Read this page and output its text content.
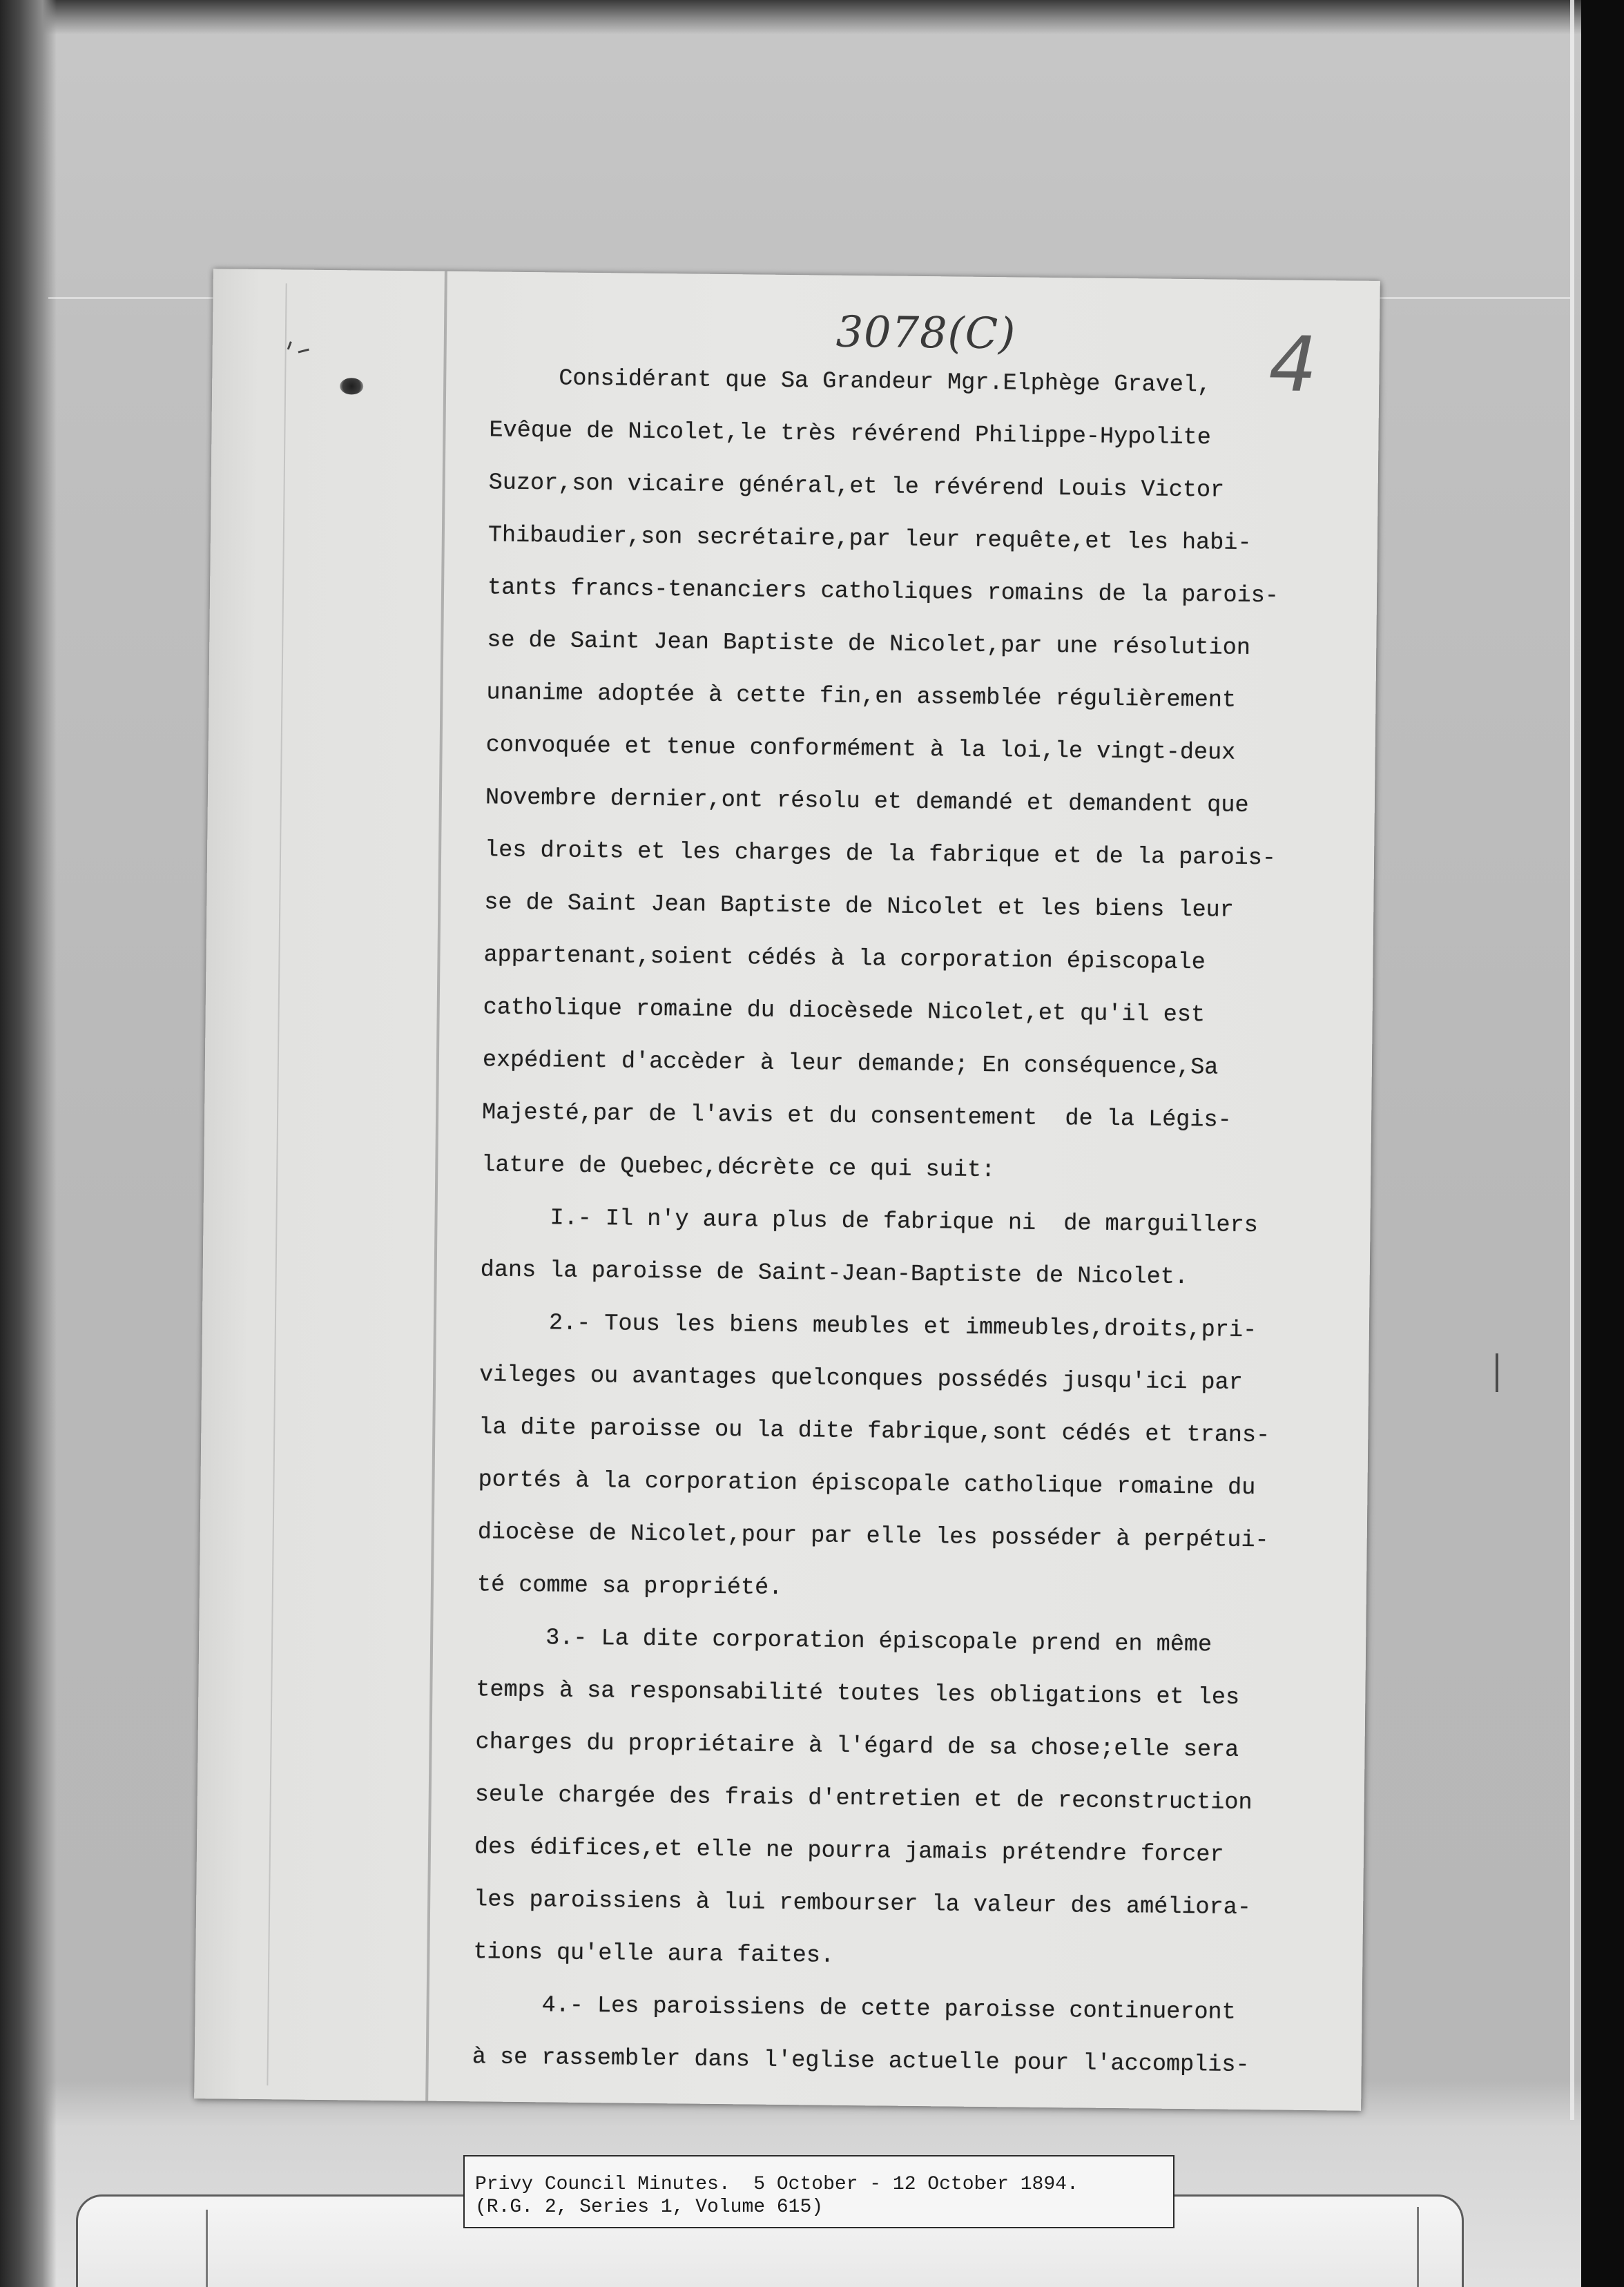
3078(C)	4
Considérant que Sa Grandeur Mgr.Elphège Gravel,
Evêque de Nicolet,le très révérend Philippe-Hypolite
Suzor,son vicaire général,et le révérend Louis Victor
Thibaudier,son secrétaire,par leur requête,et les habi-
tants francs-tenanciers catholiques romains de la parois-
se de Saint Jean Baptiste de Nicolet,par une résolution
unanime adoptée à cette fin,en assemblée régulièrement
convoquée et tenue conformément à la loi,le vingt-deux
Novembre dernier,ont résolu et demandé et demandent que
les droits et les charges de la fabrique et de la parois-
se de Saint Jean Baptiste de Nicolet et les biens leur
appartenant,soient cédés à la corporation épiscopale
catholique romaine du diocèsede Nicolet,et qu'il est
expédient d'accèder à leur demande; En conséquence,Sa
Majesté,par de l'avis et du consentement  de la Légis-
lature de Quebec,décrète ce qui suit:
I.- Il n'y aura plus de fabrique ni  de marguillers
dans la paroisse de Saint-Jean-Baptiste de Nicolet.
2.- Tous les biens meubles et immeubles,droits,pri-
vileges ou avantages quelconques possédés jusqu'ici par
la dite paroisse ou la dite fabrique,sont cédés et trans-
portés à la corporation épiscopale catholique romaine du
diocèse de Nicolet,pour par elle les posséder à perpétui-
té comme sa propriété.
3.- La dite corporation épiscopale prend en même
temps à sa responsabilité toutes les obligations et les
charges du propriétaire à l'égard de sa chose;elle sera
seule chargée des frais d'entretien et de reconstruction
des édifices,et elle ne pourra jamais prétendre forcer
les paroissiens à lui rembourser la valeur des améliora-
tions qu'elle aura faites.
4.- Les paroissiens de cette paroisse continueront
à se rassembler dans l'eglise actuelle pour l'accomplis-
Privy Council Minutes.  5 October - 12 October 1894.
(R.G. 2, Series 1, Volume 615)
